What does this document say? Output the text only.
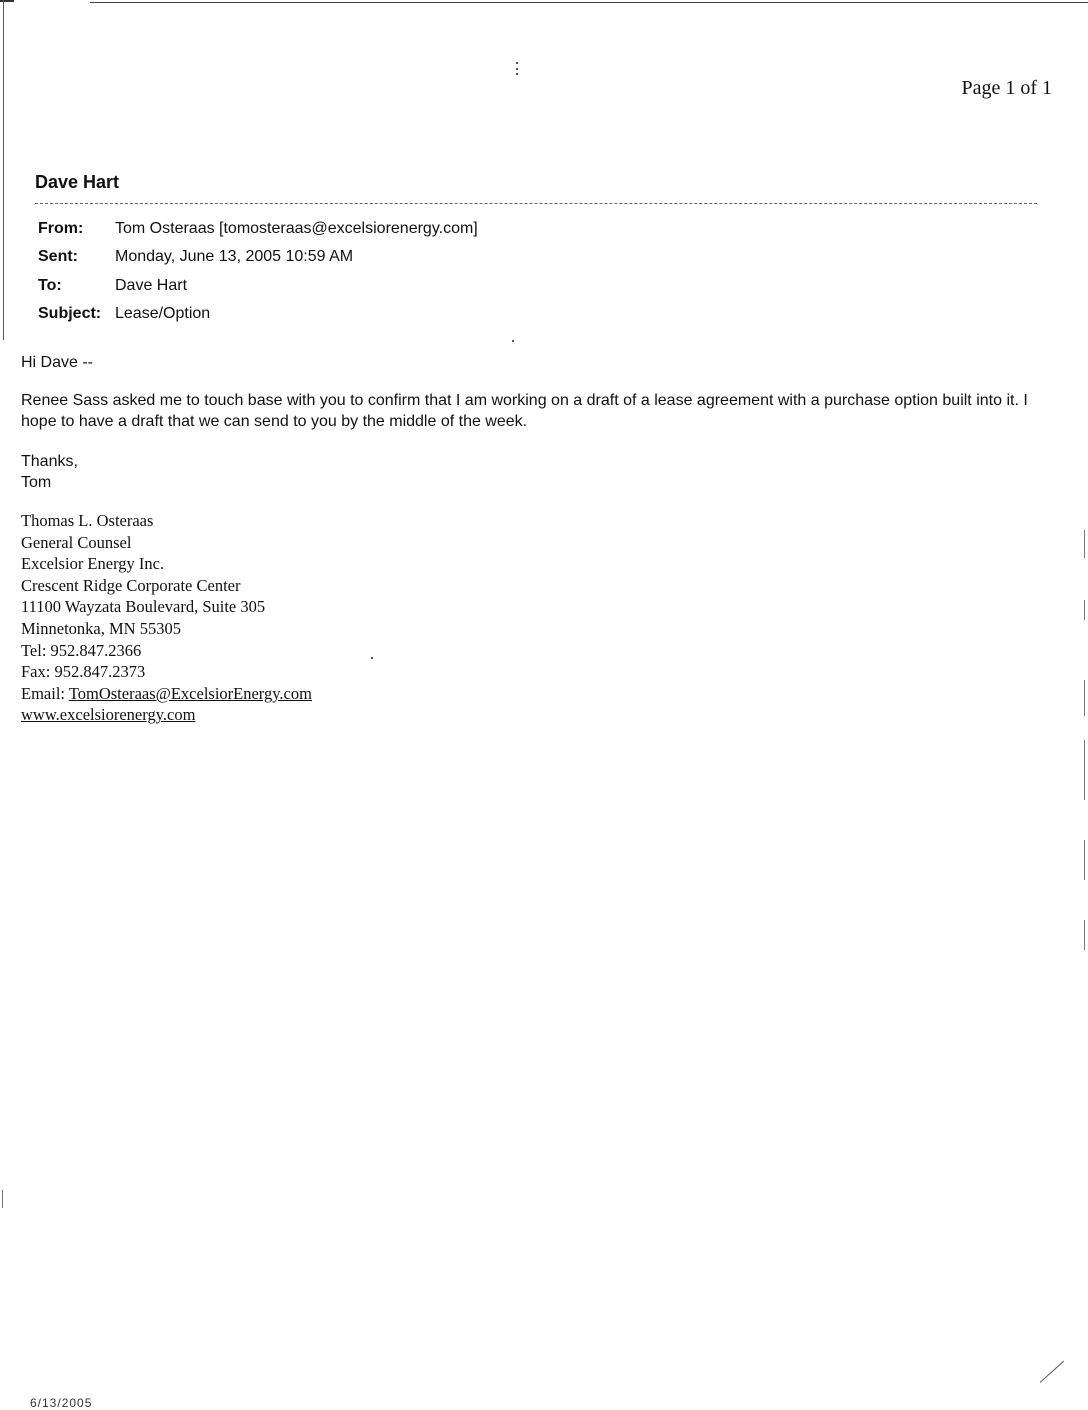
Page 1 of 1
Dave Hart
From: Tom Osteraas [tomosteraas@excelsiorenergy.com]
Sent: Monday, June 13, 2005 10:59 AM
To:	Dave Hart
Subject: Lease/Option

Hi Dave --

Renee Sass asked me to touch base with you to confirm that I am working on a draft of a lease agreement with a purchase option built into it. I hope to have a draft that we can send to you by the middle of the week.

Thanks,

Tom

Thomas L. Osteraas
General Counsel
Excelsior Energy Inc.
Crescent Ridge Corporate Center
11100 Wayzata Boulevard, Suite 305
Minnetonka, MN 55305
Tel: 952.847.2366
Fax: 952.847.2373
Email: TomOsteraas@ExcelsiorEnergy.com
www.excelsiorenergy.com
6/13/2005
